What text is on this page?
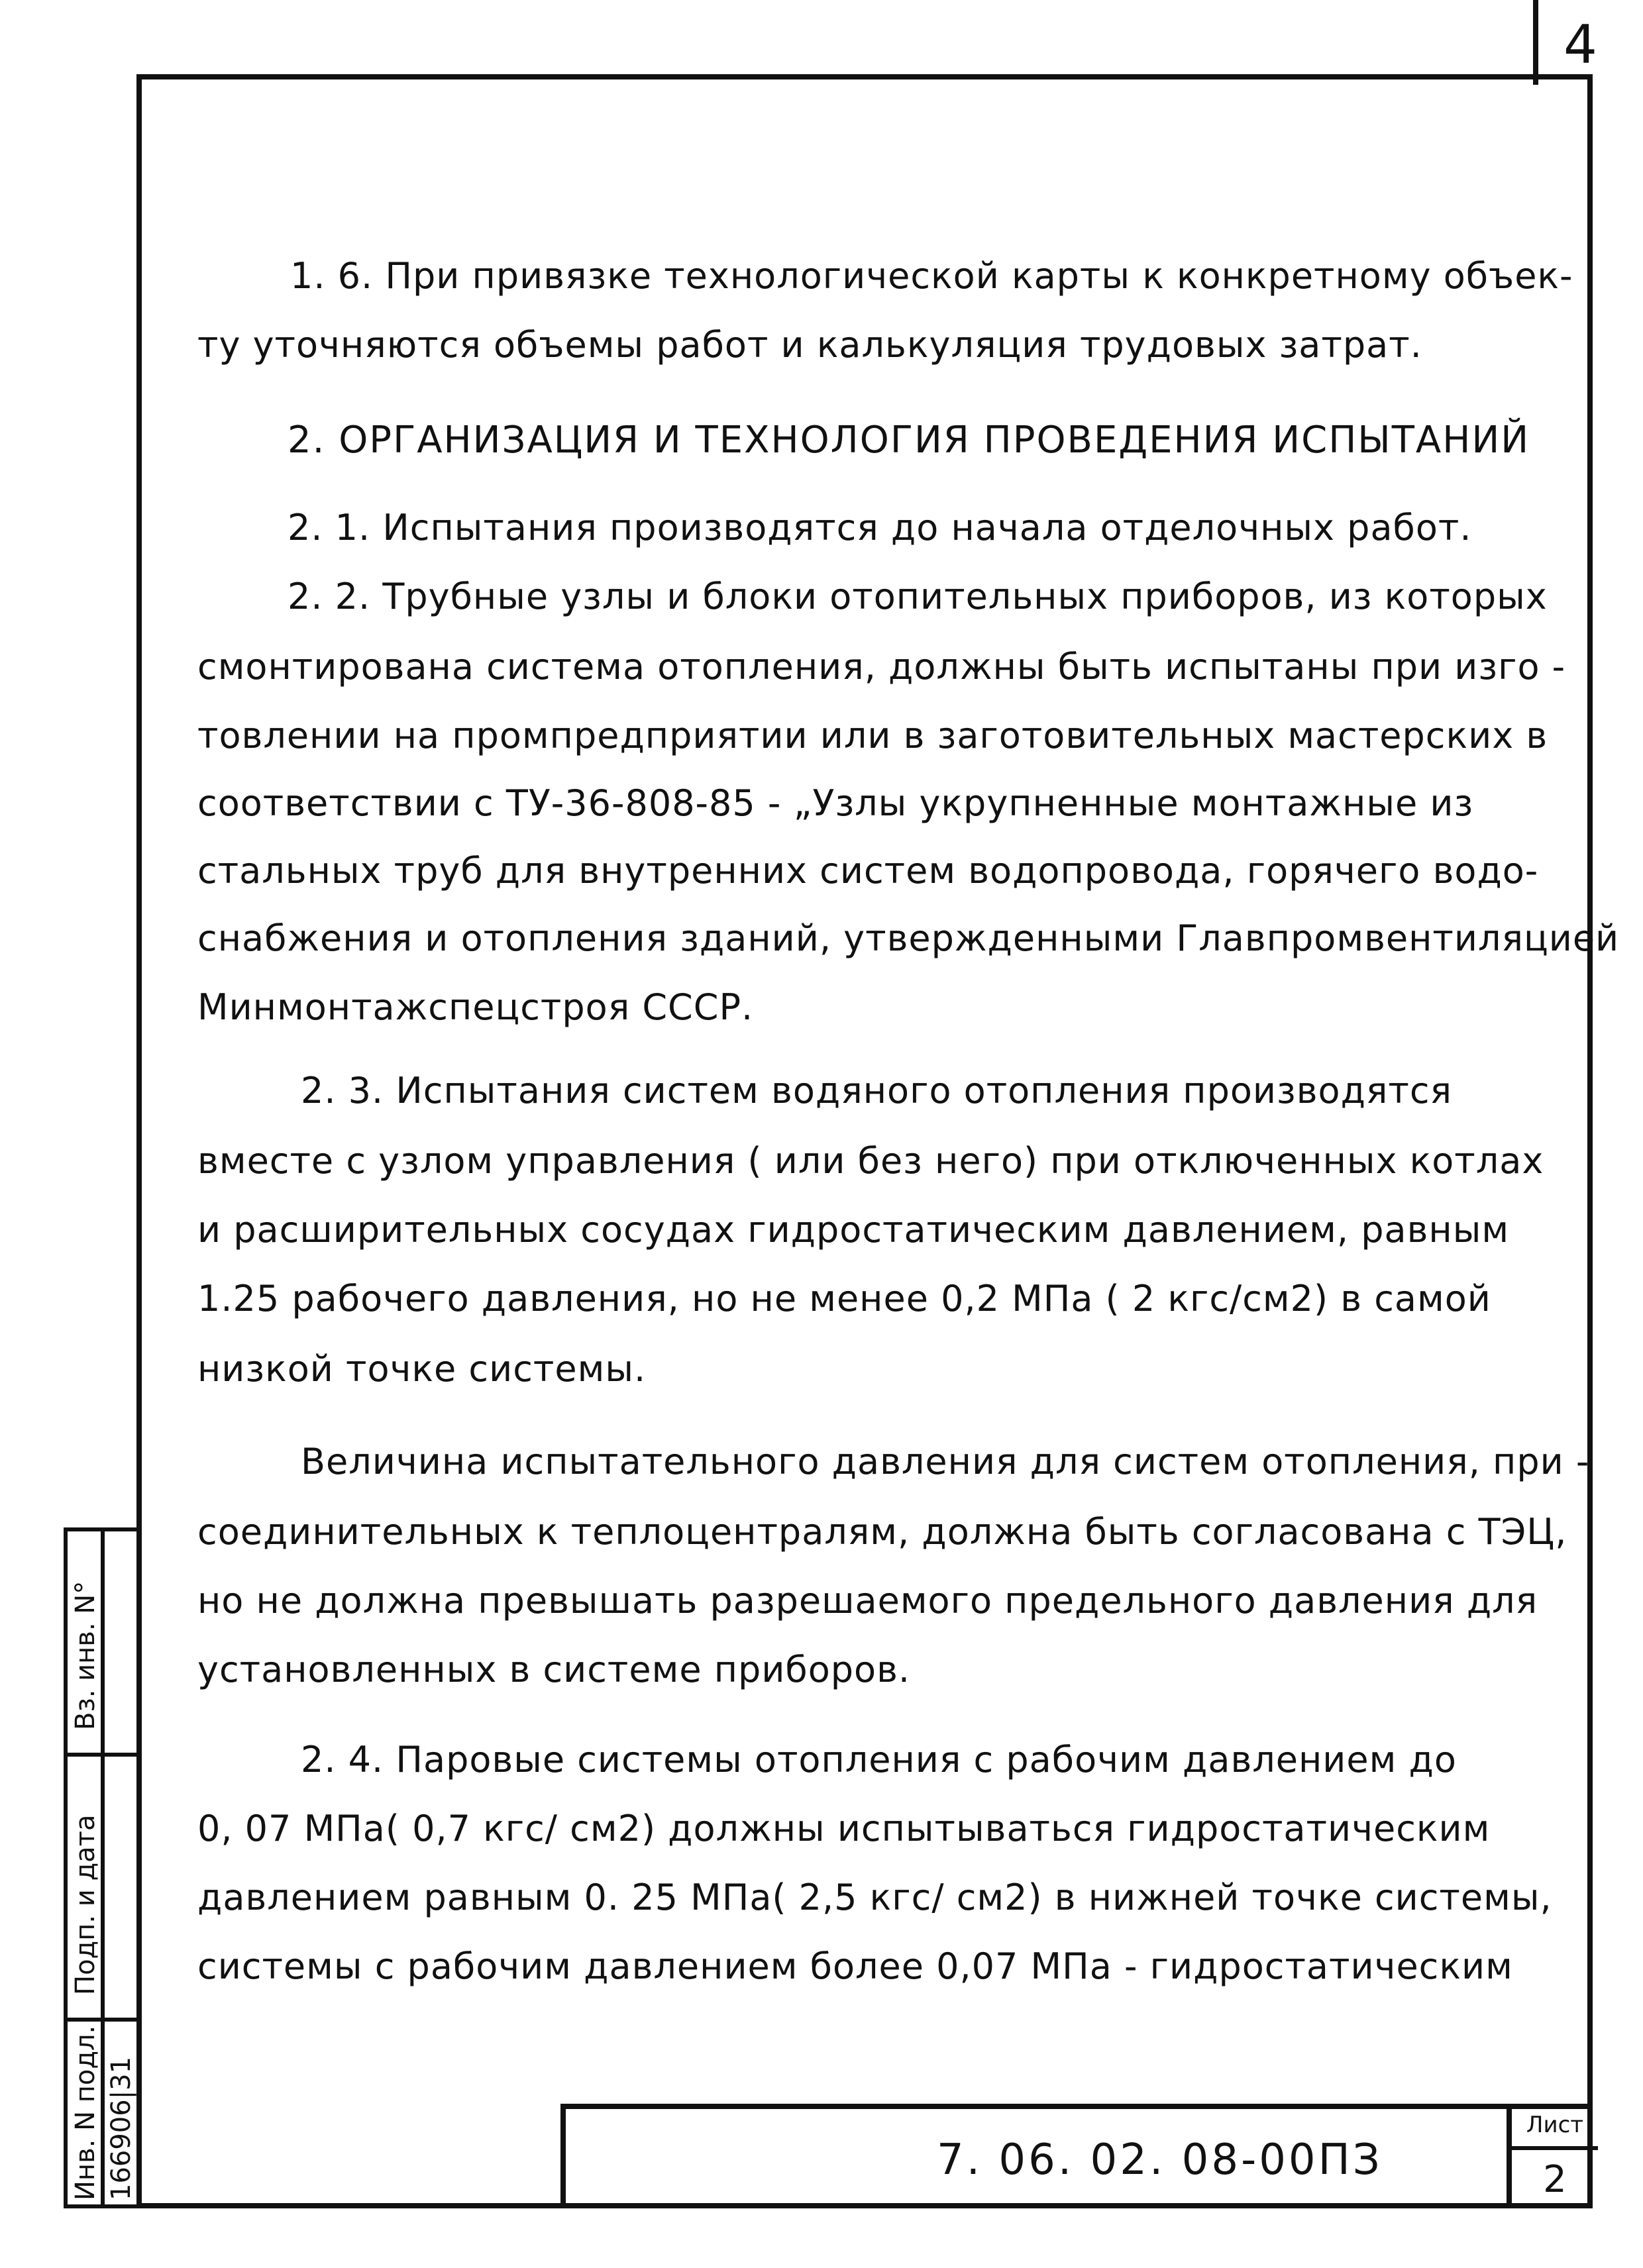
4
1. 6. При привязке технологической карты к конкретному объек-
ту уточняются объемы работ и калькуляция трудовых затрат.
2. ОРГАНИЗАЦИЯ И ТЕХНОЛОГИЯ ПРОВЕДЕНИЯ ИСПЫТАНИЙ
2. 1. Испытания производятся до начала отделочных работ.
2. 2. Трубные узлы и блоки отопительных приборов, из которых
смонтирована система отопления, должны быть испытаны при изго -
товлении на промпредприятии или в заготовительных мастерских в
соответствии с ТУ-36-808-85 - „Узлы укрупненные монтажные из
стальных труб для внутренних систем водопровода, горячего водо-
снабжения и отопления зданий, утвержденными Главпромвентиляцией
Минмонтажспецстроя СССР.
2. 3. Испытания систем водяного отопления производятся
вместе с узлом управления ( или без него) при отключенных котлах
и расширительных сосудах гидростатическим давлением, равным
1.25 рабочего давления, но не менее 0,2 МПа ( 2 кгс/см2) в самой
низкой точке системы.
Величина испытательного давления для систем отопления, при -
соединительных к теплоцентралям, должна быть согласована с ТЭЦ,
но не должна превышать разрешаемого предельного давления для
установленных в системе приборов.
2. 4. Паровые системы отопления с рабочим давлением до
0, 07 МПа( 0,7 кгс/ см2) должны испытываться гидростатическим
давлением равным 0. 25 МПа( 2,5 кгс/ см2) в нижней точке системы,
системы с рабочим давлением более 0,07 МПа - гидростатическим
Вз. инв. N°
Подп. и дата
Инв. N подл. 166906|31	7. 06. 02. 08-00ПЗ
Лист
2
